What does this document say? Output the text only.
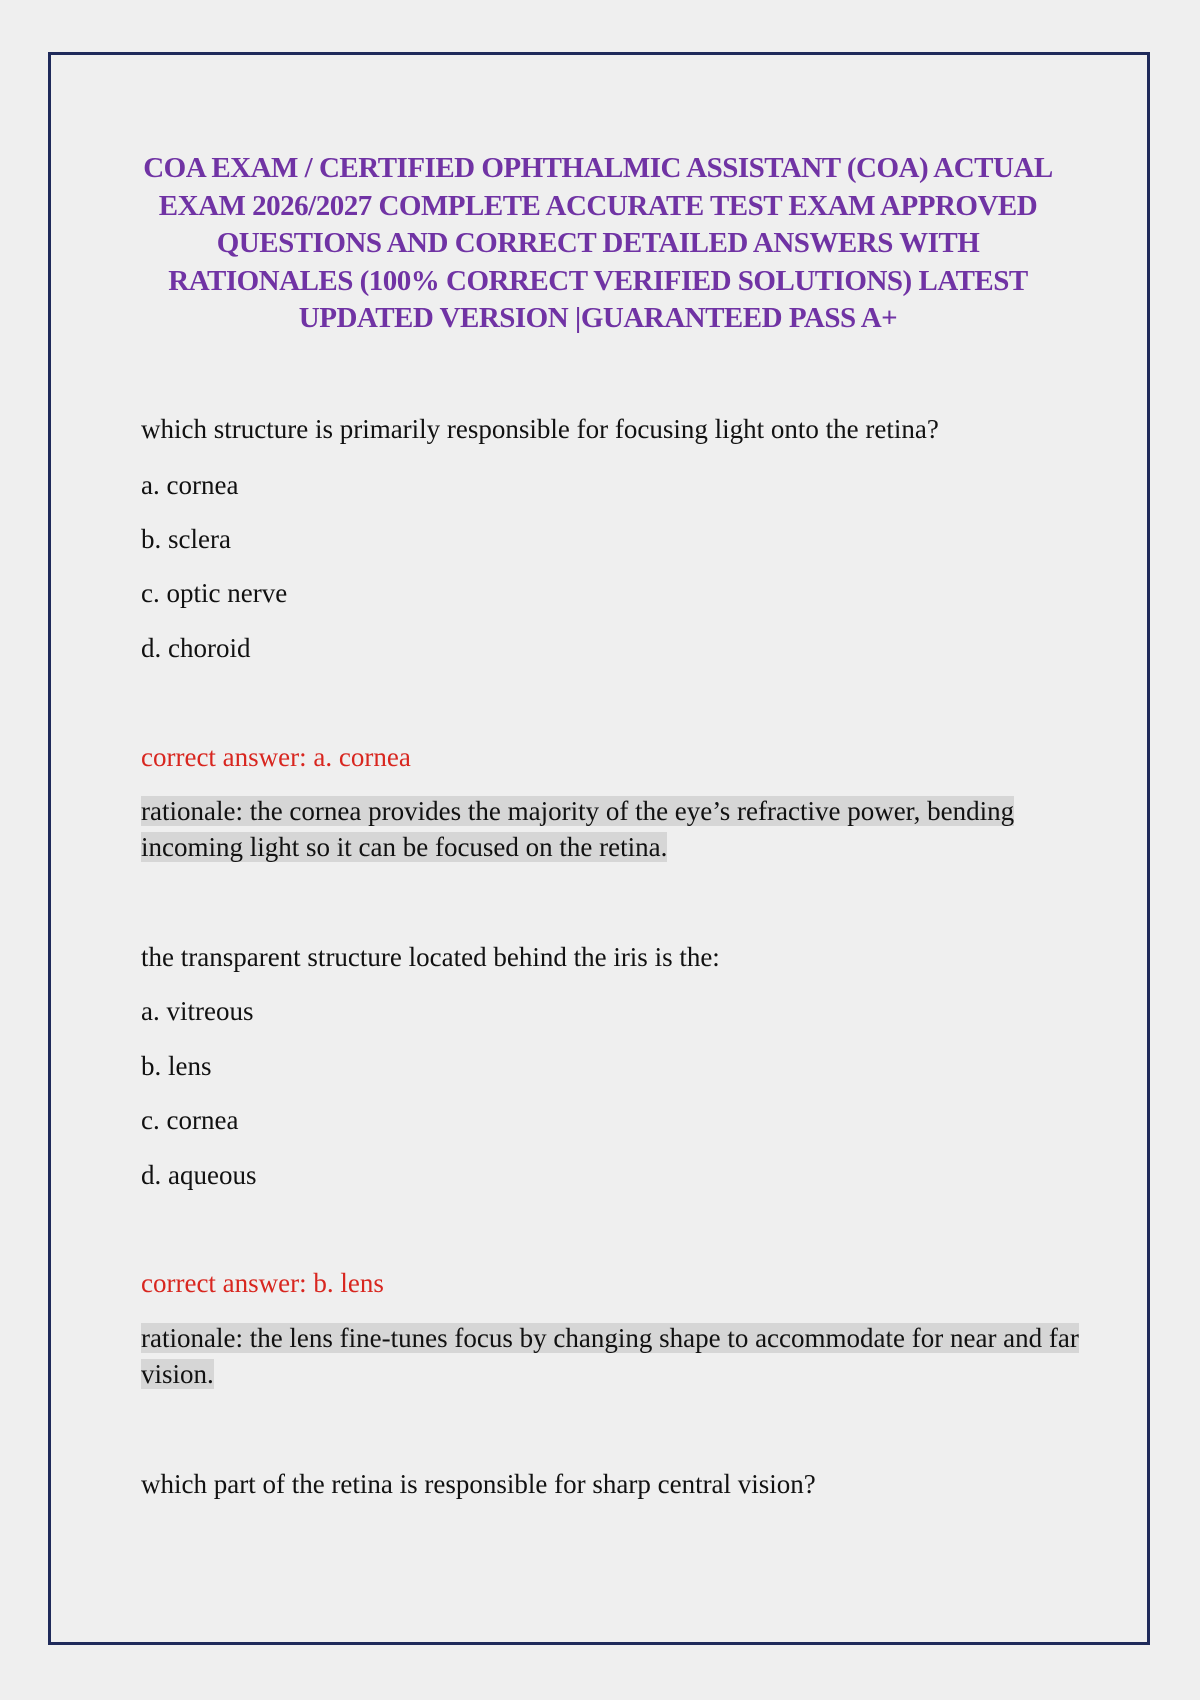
COA EXAM / CERTIFIED OPHTHALMIC ASSISTANT (COA) ACTUAL EXAM 2026/2027 COMPLETE ACCURATE TEST EXAM APPROVED QUESTIONS AND CORRECT DETAILED ANSWERS WITH RATIONALES (100% CORRECT VERIFIED SOLUTIONS) LATEST UPDATED VERSION |GUARANTEED PASS A+

which structure is primarily responsible for focusing light onto the retina?

a. cornea

b. sclera

c. optic nerve

d. choroid

correct answer: a. cornea

rationale: the cornea provides the majority of the eye’s refractive power, bending incoming light so it can be focused on the retina.

the transparent structure located behind the iris is the:

a. vitreous

b. lens

c. cornea

d. aqueous

correct answer: b. lens

rationale: the lens fine-tunes focus by changing shape to accommodate for near and far vision.

which part of the retina is responsible for sharp central vision?
